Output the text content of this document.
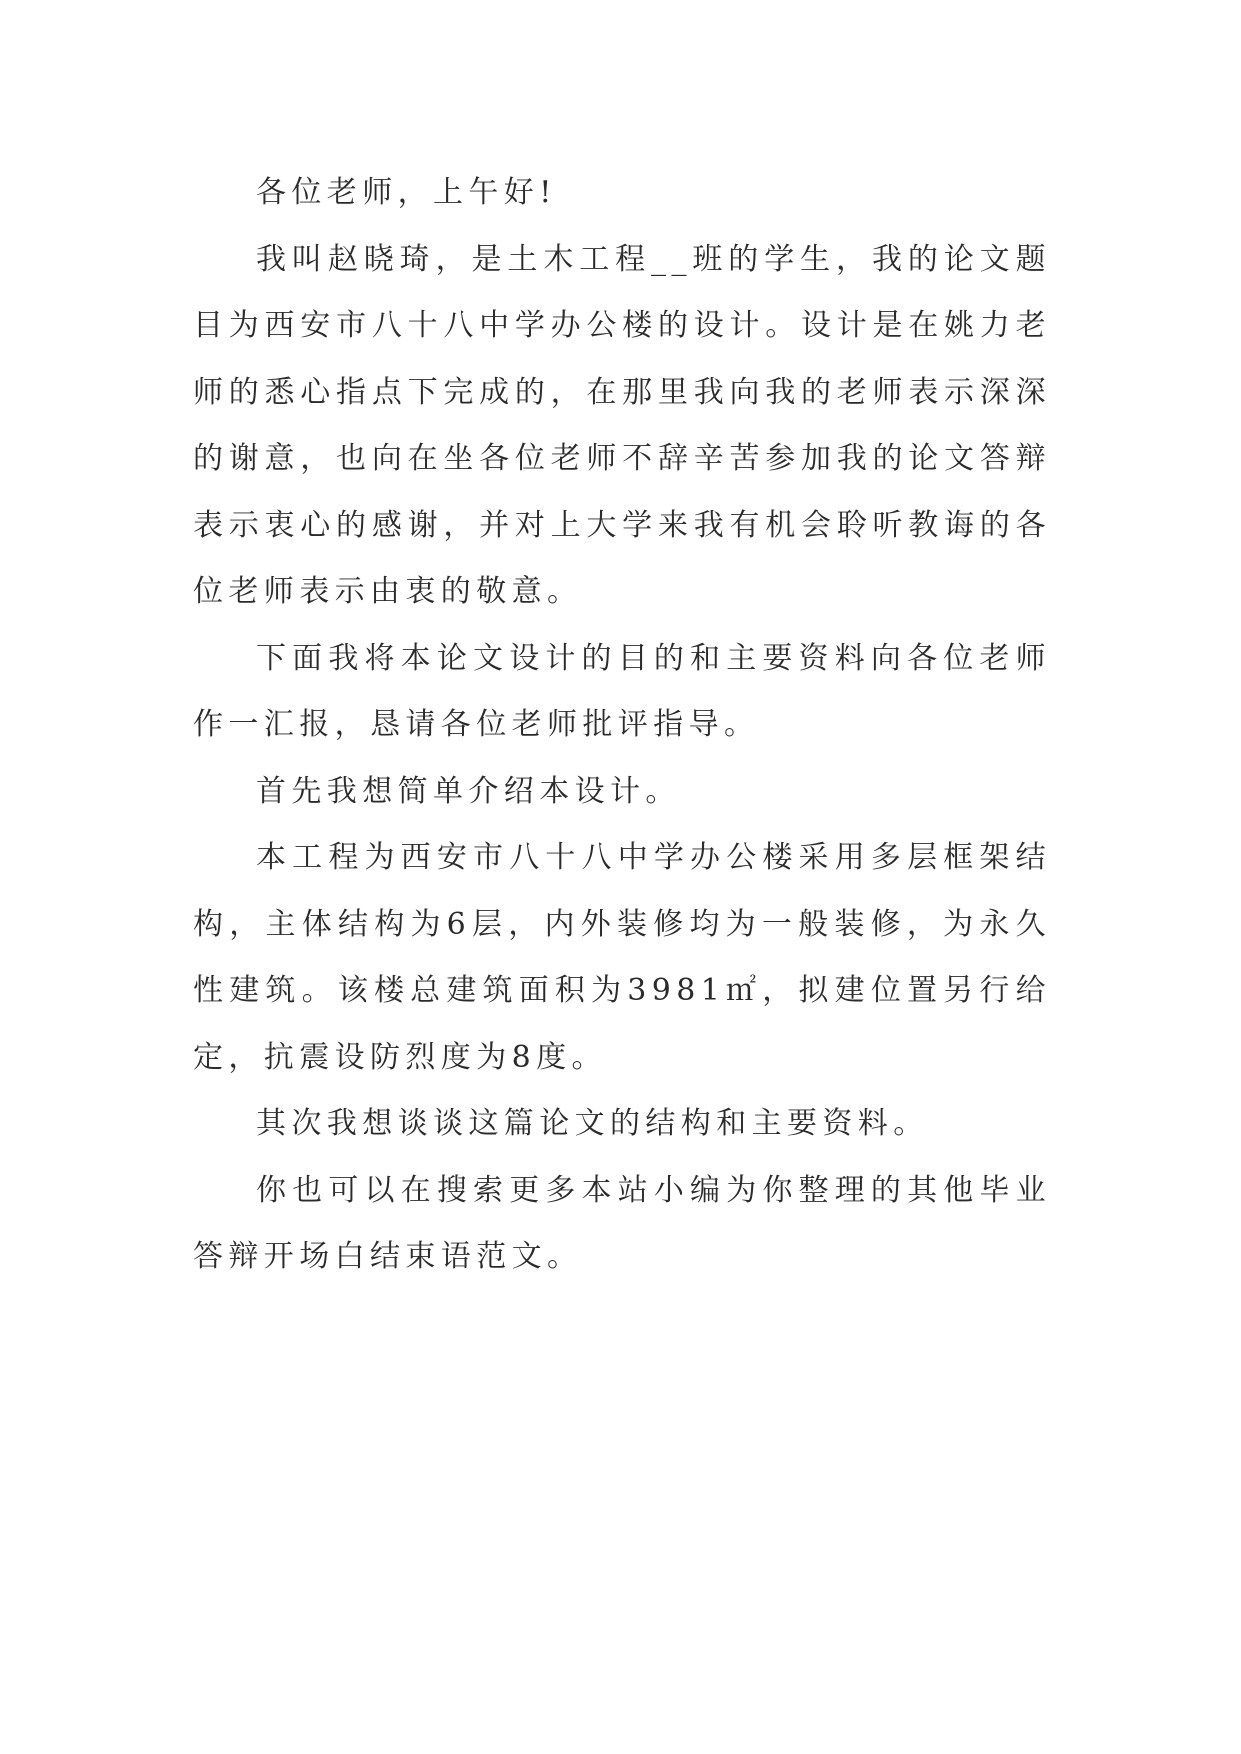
各位老师，上午好!

我叫赵晓琦，是土木工程__班的学生，我的论文题目为西安市八十八中学办公楼的设计。设计是在姚力老师的悉心指点下完成的，在那里我向我的老师表示深深的谢意，也向在坐各位老师不辞辛苦参加我的论文答辩表示衷心的感谢，并对上大学来我有机会聆听教诲的各位老师表示由衷的敬意。

下面我将本论文设计的目的和主要资料向各位老师作一汇报，恳请各位老师批评指导。

首先我想简单介绍本设计。

本工程为西安市八十八中学办公楼采用多层框架结构，主体结构为6层，内外装修均为一般装修，为永久性建筑。该楼总建筑面积为3981㎡，拟建位置另行给定，抗震设防烈度为8度。

其次我想谈谈这篇论文的结构和主要资料。

你也可以在搜索更多本站小编为你整理的其他毕业答辩开场白结束语范文。
